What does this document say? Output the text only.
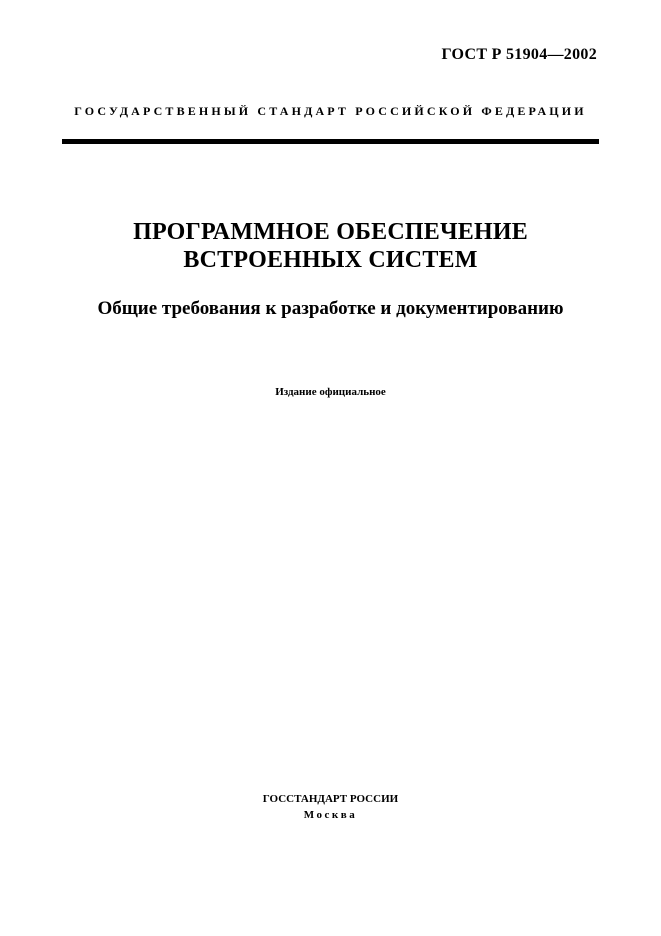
ГОСТ Р 51904—2002
ГОСУДАРСТВЕННЫЙ СТАНДАРТ РОССИЙСКОЙ ФЕДЕРАЦИИ
ПРОГРАММНОЕ ОБЕСПЕЧЕНИЕ
ВСТРОЕННЫХ СИСТЕМ
Общие требования к разработке и документированию
Издание официальное
ГОССТАНДАРТ РОССИИ
Москва
